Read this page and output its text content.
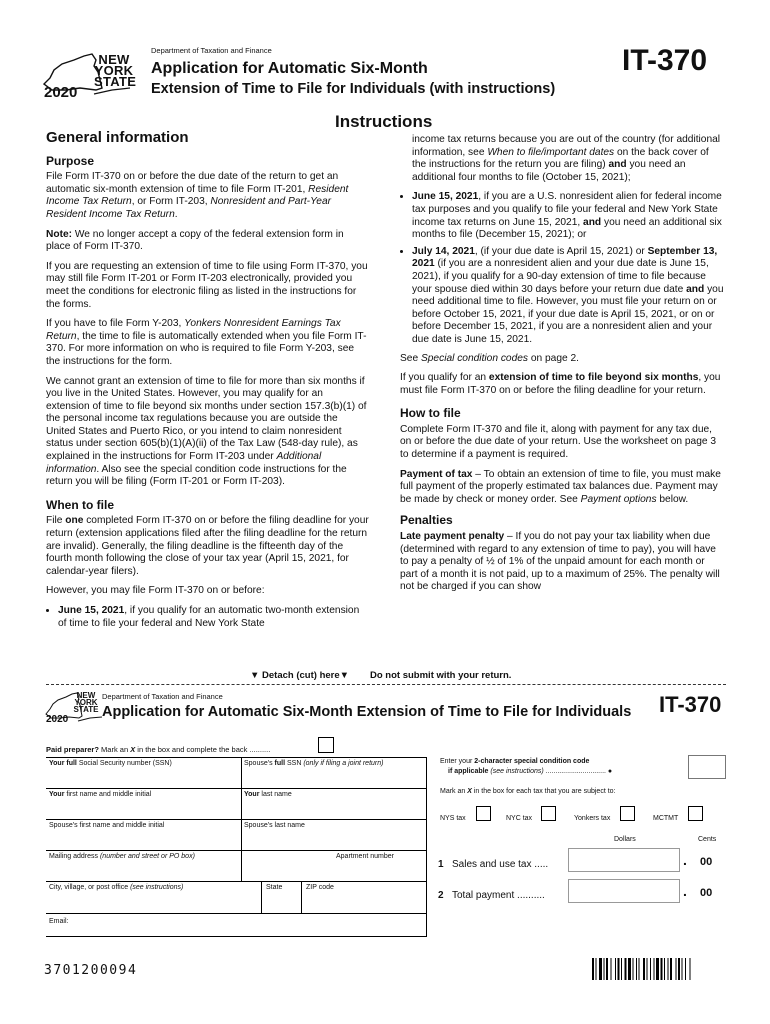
NEW
YORK
STATE
2020
Department of Taxation and Finance
Application for Automatic Six-Month
Extension of Time to File for Individuals (with instructions)
IT-370
Instructions
General information
Purpose

File Form IT-370 on or before the due date of the return to get an automatic six-month extension of time to file Form IT-201, Resident Income Tax Return, or Form IT-203, Nonresident and Part-Year Resident Income Tax Return.

Note: We no longer accept a copy of the federal extension form in place of Form IT-370.

If you are requesting an extension of time to file using Form IT-370, you may still file Form IT-201 or Form IT-203 electronically, provided you meet the conditions for electronic filing as listed in the instructions for the forms.

If you have to file Form Y-203, Yonkers Nonresident Earnings Tax Return, the time to file is automatically extended when you file Form IT-370. For more information on who is required to file Form Y-203, see the instructions for the form.

We cannot grant an extension of time to file for more than six months if you live in the United States. However, you may qualify for an extension of time to file beyond six months under section 157.3(b)(1) of the personal income tax regulations because you are outside the United States and Puerto Rico, or you intend to claim nonresident status under section 605(b)(1)(A)(ii) of the Tax Law (548-day rule), as explained in the instructions for Form IT-203 under Additional information. Also see the special condition code instructions for the return you will be filing (Form IT-201 or Form IT-203).

When to file

File one completed Form IT-370 on or before the filing deadline for your return (extension applications filed after the filing deadline for the return are invalid). Generally, the filing deadline is the fifteenth day of the fourth month following the close of your tax year (April 15, 2021, for calendar-year filers).

However, you may file Form IT-370 on or before:

• June 15, 2021, if you qualify for an automatic two-month extension of time to file your federal and New York State

income tax returns because you are out of the country (for additional information, see When to file/important dates on the back cover of the instructions for the return you are filing) and you need an additional four months to file (October 15, 2021);

• June 15, 2021, if you are a U.S. nonresident alien for federal income tax purposes and you qualify to file your federal and New York State income tax returns on June 15, 2021, and you need an additional six months to file (December 15, 2021); or
• July 14, 2021, (if your due date is April 15, 2021) or September 13, 2021 (if you are a nonresident alien and your due date is June 15, 2021), if you qualify for a 90-day extension of time to file because your spouse died within 30 days before your return due date and you need additional time to file. However, you must file your return on or before October 15, 2021, if your due date is April 15, 2021, or on or before December 15, 2021, if you are a nonresident alien and your due date is June 15, 2021.

See Special condition codes on page 2.

If you qualify for an extension of time to file beyond six months, you must file Form IT-370 on or before the filing deadline for your return.

How to file

Complete Form IT-370 and file it, along with payment for any tax due, on or before the due date of your return. Use the worksheet on page 3 to determine if a payment is required.

Payment of tax – To obtain an extension of time to file, you must make full payment of the properly estimated tax balances due. Payment may be made by check or money order. See Payment options below.

Penalties

Late payment penalty – If you do not pay your tax liability when due (determined with regard to any extension of time to pay), you will have to pay a penalty of ½ of 1% of the unpaid amount for each month or part of a month it is not paid, up to a maximum of 25%. The penalty will not be charged if you can show

▼ Detach (cut) here▼ Do not submit with your return.
NEW
YORK
STATE
2020
Department of Taxation and Finance
Application for Automatic Six-Month Extension of Time to File for Individuals IT-370
Paid preparer? Mark an X in the box and complete the back ..........
Your full Social Security number (SSN)	Spouse's full SSN (only if filing a joint return)
Your first name and middle initial	Your last name
Spouse's first name and middle initial	Spouse's last name
Mailing address (number and street or PO box)	Apartment number
City, village, or post office (see instructions)	State	ZIP code
Email:
Enter your 2-character special condition code
if applicable (see instructions) ............................... ●
Mark an X in the box for each tax that you are subject to:
NYS tax	NYC tax	Yonkers tax	MCTMT
Dollars	Cents
1 Sales and use tax .....	. 00
2 Total payment ..........	. 00
3701200094
